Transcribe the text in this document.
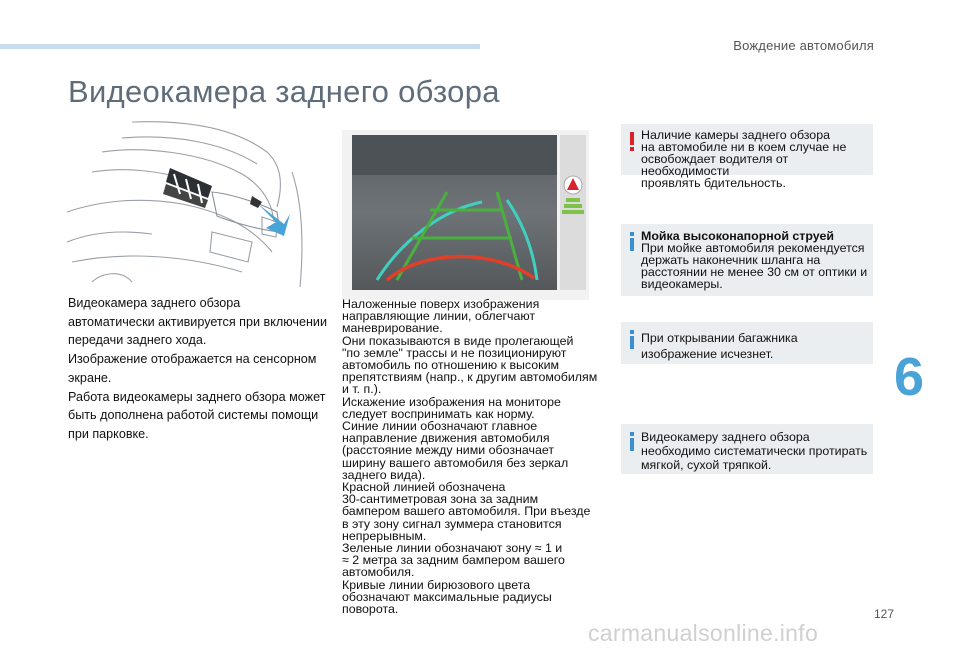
Вождение автомобиля
Видеокамера заднего обзора
Видеокамера заднего обзора
автоматически активируется при включении
передачи заднего хода.
Изображение отображается на сенсорном
экране.
Работа видеокамеры заднего обзора может
быть дополнена работой системы помощи
при парковке.
Наложенные поверх изображения
направляющие линии, облегчают
маневрирование.
Они показываются в виде пролегающей
"по земле" трассы и не позиционируют
автомобиль по отношению к высоким
препятствиям (напр., к другим автомобилям
и т. п.).
Искажение изображения на мониторе
следует воспринимать как норму.
Синие линии обозначают главное
направление движения автомобиля
(расстояние между ними обозначает
ширину вашего автомобиля без зеркал
заднего вида).
Красной линией обозначена
30-сантиметровая зона за задним
бампером вашего автомобиля. При въезде
в эту зону сигнал зуммера становится
непрерывным.
Зеленые линии обозначают зону ≈ 1 и
≈ 2 метра за задним бампером вашего
автомобиля.
Кривые линии бирюзового цвета
обозначают максимальные радиусы
поворота.
Наличие камеры заднего обзора
на автомобиле ни в коем случае не
освобождает водителя от необходимости
проявлять бдительность.
Мойка высоконапорной струей
При мойке автомобиля рекомендуется
держать наконечник шланга на
расстоянии не менее 30 см от оптики и
видеокамеры.
При открывании багажника
изображение исчезнет.
Видеокамеру заднего обзора
необходимо систематически протирать
мягкой, сухой тряпкой.
6
127
carmanualsonline.info
